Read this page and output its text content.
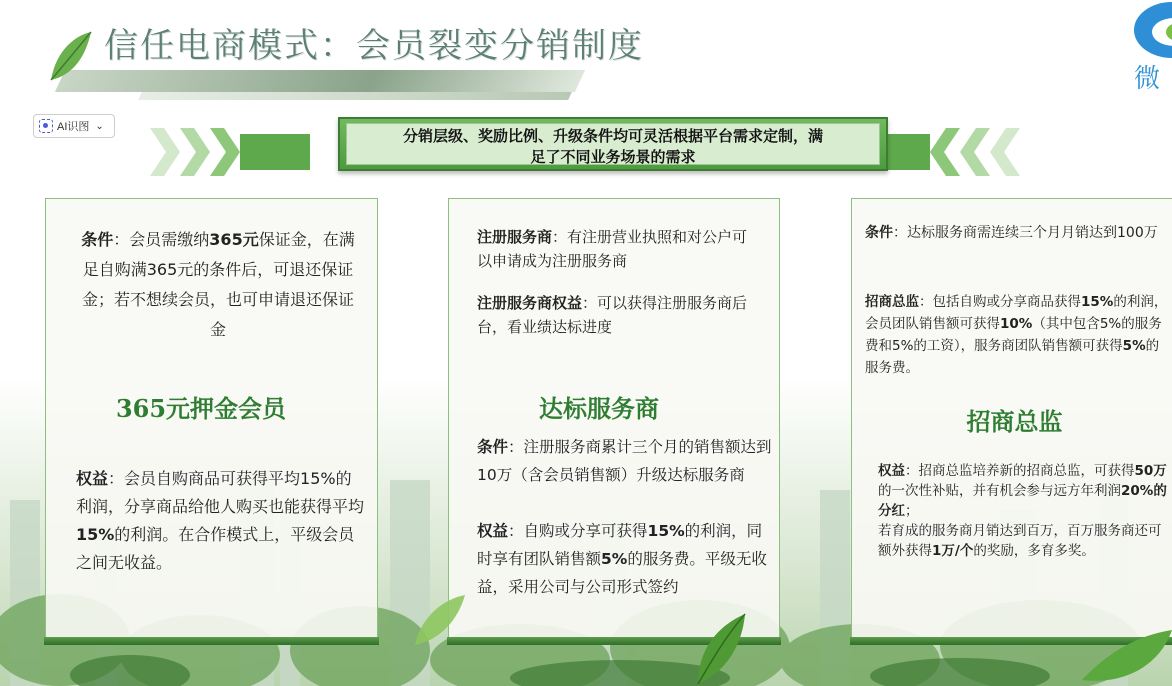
信任电商模式：会员裂变分销制度
微
AI识图 ⌄
分销层级、奖励比例、升级条件均可灵活根据平台需求定制，满
足了不同业务场景的需求
条件：会员需缴纳365元保证金，在满足自购满365元的条件后，可退还保证金；若不想续会员，也可申请退还保证金
365元押金会员
权益：会员自购商品可获得平均15%的利润，分享商品给他人购买也能获得平均15%的利润。在合作模式上，平级会员之间无收益。
注册服务商：有注册营业执照和对公户可以申请成为注册服务商
注册服务商权益：可以获得注册服务商后台，看业绩达标进度
达标服务商
条件：注册服务商累计三个月的销售额达到10万（含会员销售额）升级达标服务商
权益：自购或分享可获得15%的利润，同时享有团队销售额5%的服务费。平级无收益，采用公司与公司形式签约
条件：达标服务商需连续三个月月销达到100万
招商总监：包括自购或分享商品获得15%的利润，会员团队销售额可获得10%（其中包含5%的服务费和5%的工资），服务商团队销售额可获得5%的服务费。
招商总监
权益：招商总监培养新的招商总监，可获得50万的一次性补贴，并有机会参与远方年利润20%的分红；
若育成的服务商月销达到百万，百万服务商还可额外获得1万/个的奖励，多育多奖。
